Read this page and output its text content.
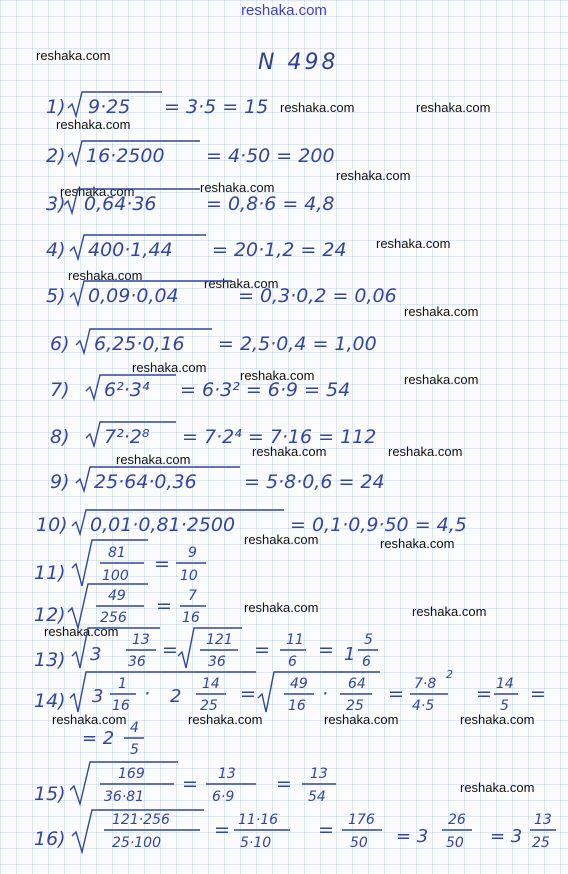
reshaka.com
reshaka.com
reshaka.com	reshaka.com
reshaka.com
reshaka.com
reshaka.com	reshaka.com
reshaka.com
reshaka.com
reshaka.com
reshaka.com
reshaka.com
reshaka.com	reshaka.com
reshaka.com
reshaka.com	reshaka.com
reshaka.com	reshaka.com
reshaka.com	reshaka.com
reshaka.com
reshaka.com	reshaka.com	reshaka.com	reshaka.com
reshaka.com
N 498
1) 9·25 = 3·5 = 15
2) 16·2500 = 4·50 = 200
3) 0,64·36	= 0,8·6 = 4,8
4) 400·1,44 = 20·1,2 = 24
5) 0,09·0,04	= 0,3·0,2 = 0,06
6) 6,25·0,16 = 2,5·0,4 = 1,00
7) 6²·3⁴ = 6·3² = 6·9 = 54
8) 7²·2⁸ = 7·2⁴ = 7·16 = 112
9) 25·64·0,36 = 5·8·0,6 = 24
10) 0,01·0,81·2500	= 0,1·0,9·50 = 4,5
11)
81
100
= 9
10
12)
49
256
= 7
16
13) 3
13
36
= 121
36
= 11
6
= 1
5
6
14) 3
1
16
· 2
14
25
= 49
16
· 64
25
= 7·8
2
4·5
= 14
5
=
= 2 4
5
15)
169
36·81
= 13
6·9
= 13
54
16)
121·256
25·100
= 11·16
5·10
= 176
50 = 3
26
50 = 3
13
25
